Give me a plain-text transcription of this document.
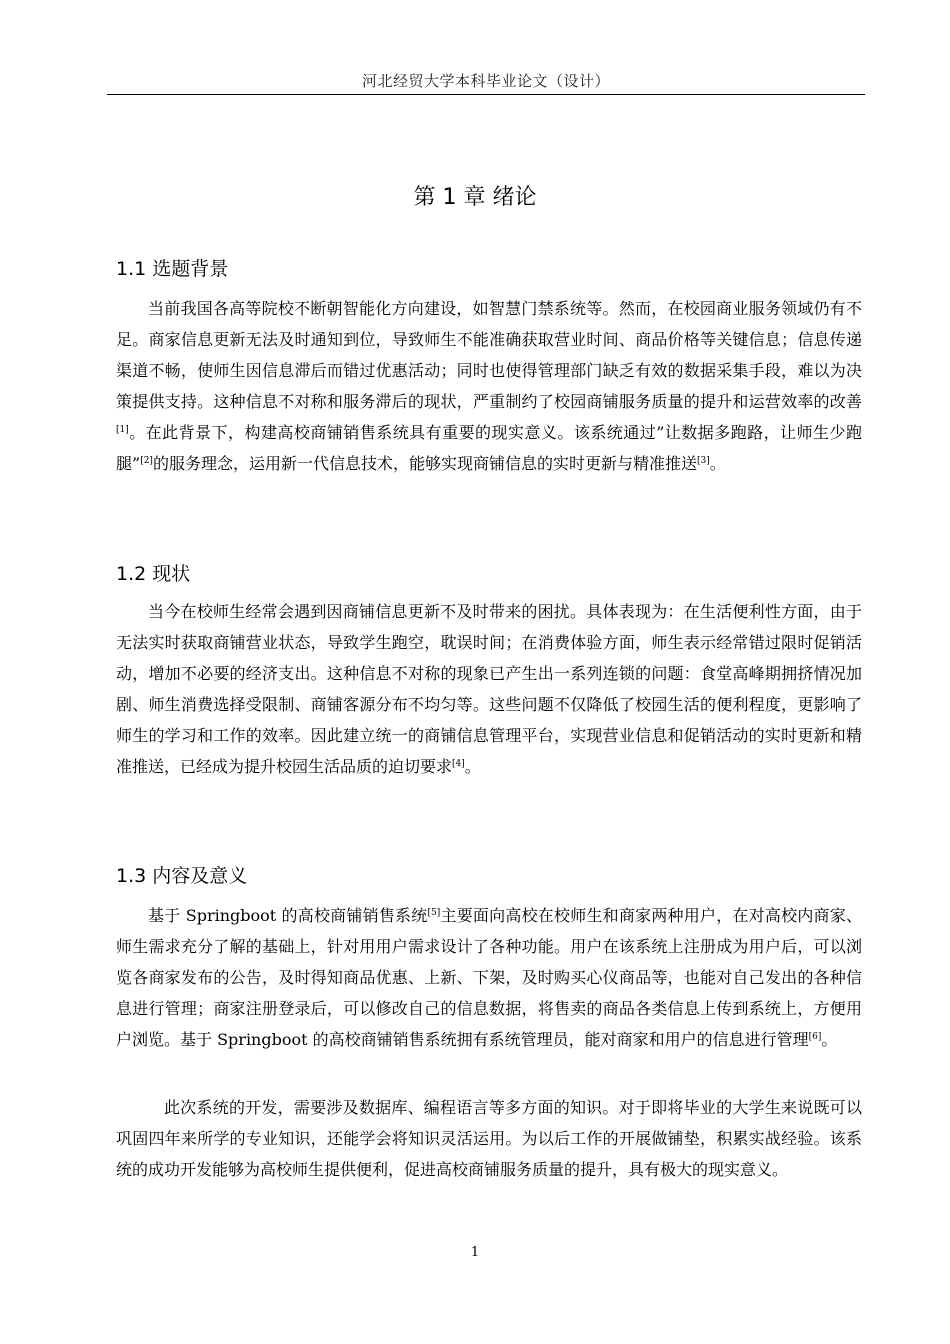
河北经贸大学本科毕业论文（设计）
第 1 章 绪论
1.1 选题背景

当前我国各高等院校不断朝智能化方向建设，如智慧门禁系统等。然而，在校园商业服务领域仍有不足。商家信息更新无法及时通知到位，导致师生不能准确获取营业时间、商品价格等关键信息；信息传递渠道不畅，使师生因信息滞后而错过优惠活动；同时也使得管理部门缺乏有效的数据采集手段，难以为决策提供支持。这种信息不对称和服务滞后的现状，严重制约了校园商铺服务质量的提升和运营效率的改善[1]。在此背景下，构建高校商铺销售系统具有重要的现实意义。该系统通过”让数据多跑路，让师生少跑腿”[2]的服务理念，运用新一代信息技术，能够实现商铺信息的实时更新与精准推送[3]。

1.2 现状

当今在校师生经常会遇到因商铺信息更新不及时带来的困扰。具体表现为：在生活便利性方面，由于无法实时获取商铺营业状态，导致学生跑空，耽误时间；在消费体验方面，师生表示经常错过限时促销活动，增加不必要的经济支出。这种信息不对称的现象已产生出一系列连锁的问题：食堂高峰期拥挤情况加剧、师生消费选择受限制、商铺客源分布不均匀等。这些问题不仅降低了校园生活的便利程度，更影响了师生的学习和工作的效率。因此建立统一的商铺信息管理平台，实现营业信息和促销活动的实时更新和精准推送，已经成为提升校园生活品质的迫切要求[4]。

1.3 内容及意义

基于 Springboot 的高校商铺销售系统[5]主要面向高校在校师生和商家两种用户，在对高校内商家、师生需求充分了解的基础上，针对用用户需求设计了各种功能。用户在该系统上注册成为用户后，可以浏览各商家发布的公告，及时得知商品优惠、上新、下架，及时购买心仪商品等，也能对自己发出的各种信息进行管理；商家注册登录后，可以修改自己的信息数据，将售卖的商品各类信息上传到系统上，方便用户浏览。基于 Springboot 的高校商铺销售系统拥有系统管理员，能对商家和用户的信息进行管理[6]。

此次系统的开发，需要涉及数据库、编程语言等多方面的知识。对于即将毕业的大学生来说既可以巩固四年来所学的专业知识，还能学会将知识灵活运用。为以后工作的开展做铺垫，积累实战经验。该系统的成功开发能够为高校师生提供便利，促进高校商铺服务质量的提升，具有极大的现实意义。

1
